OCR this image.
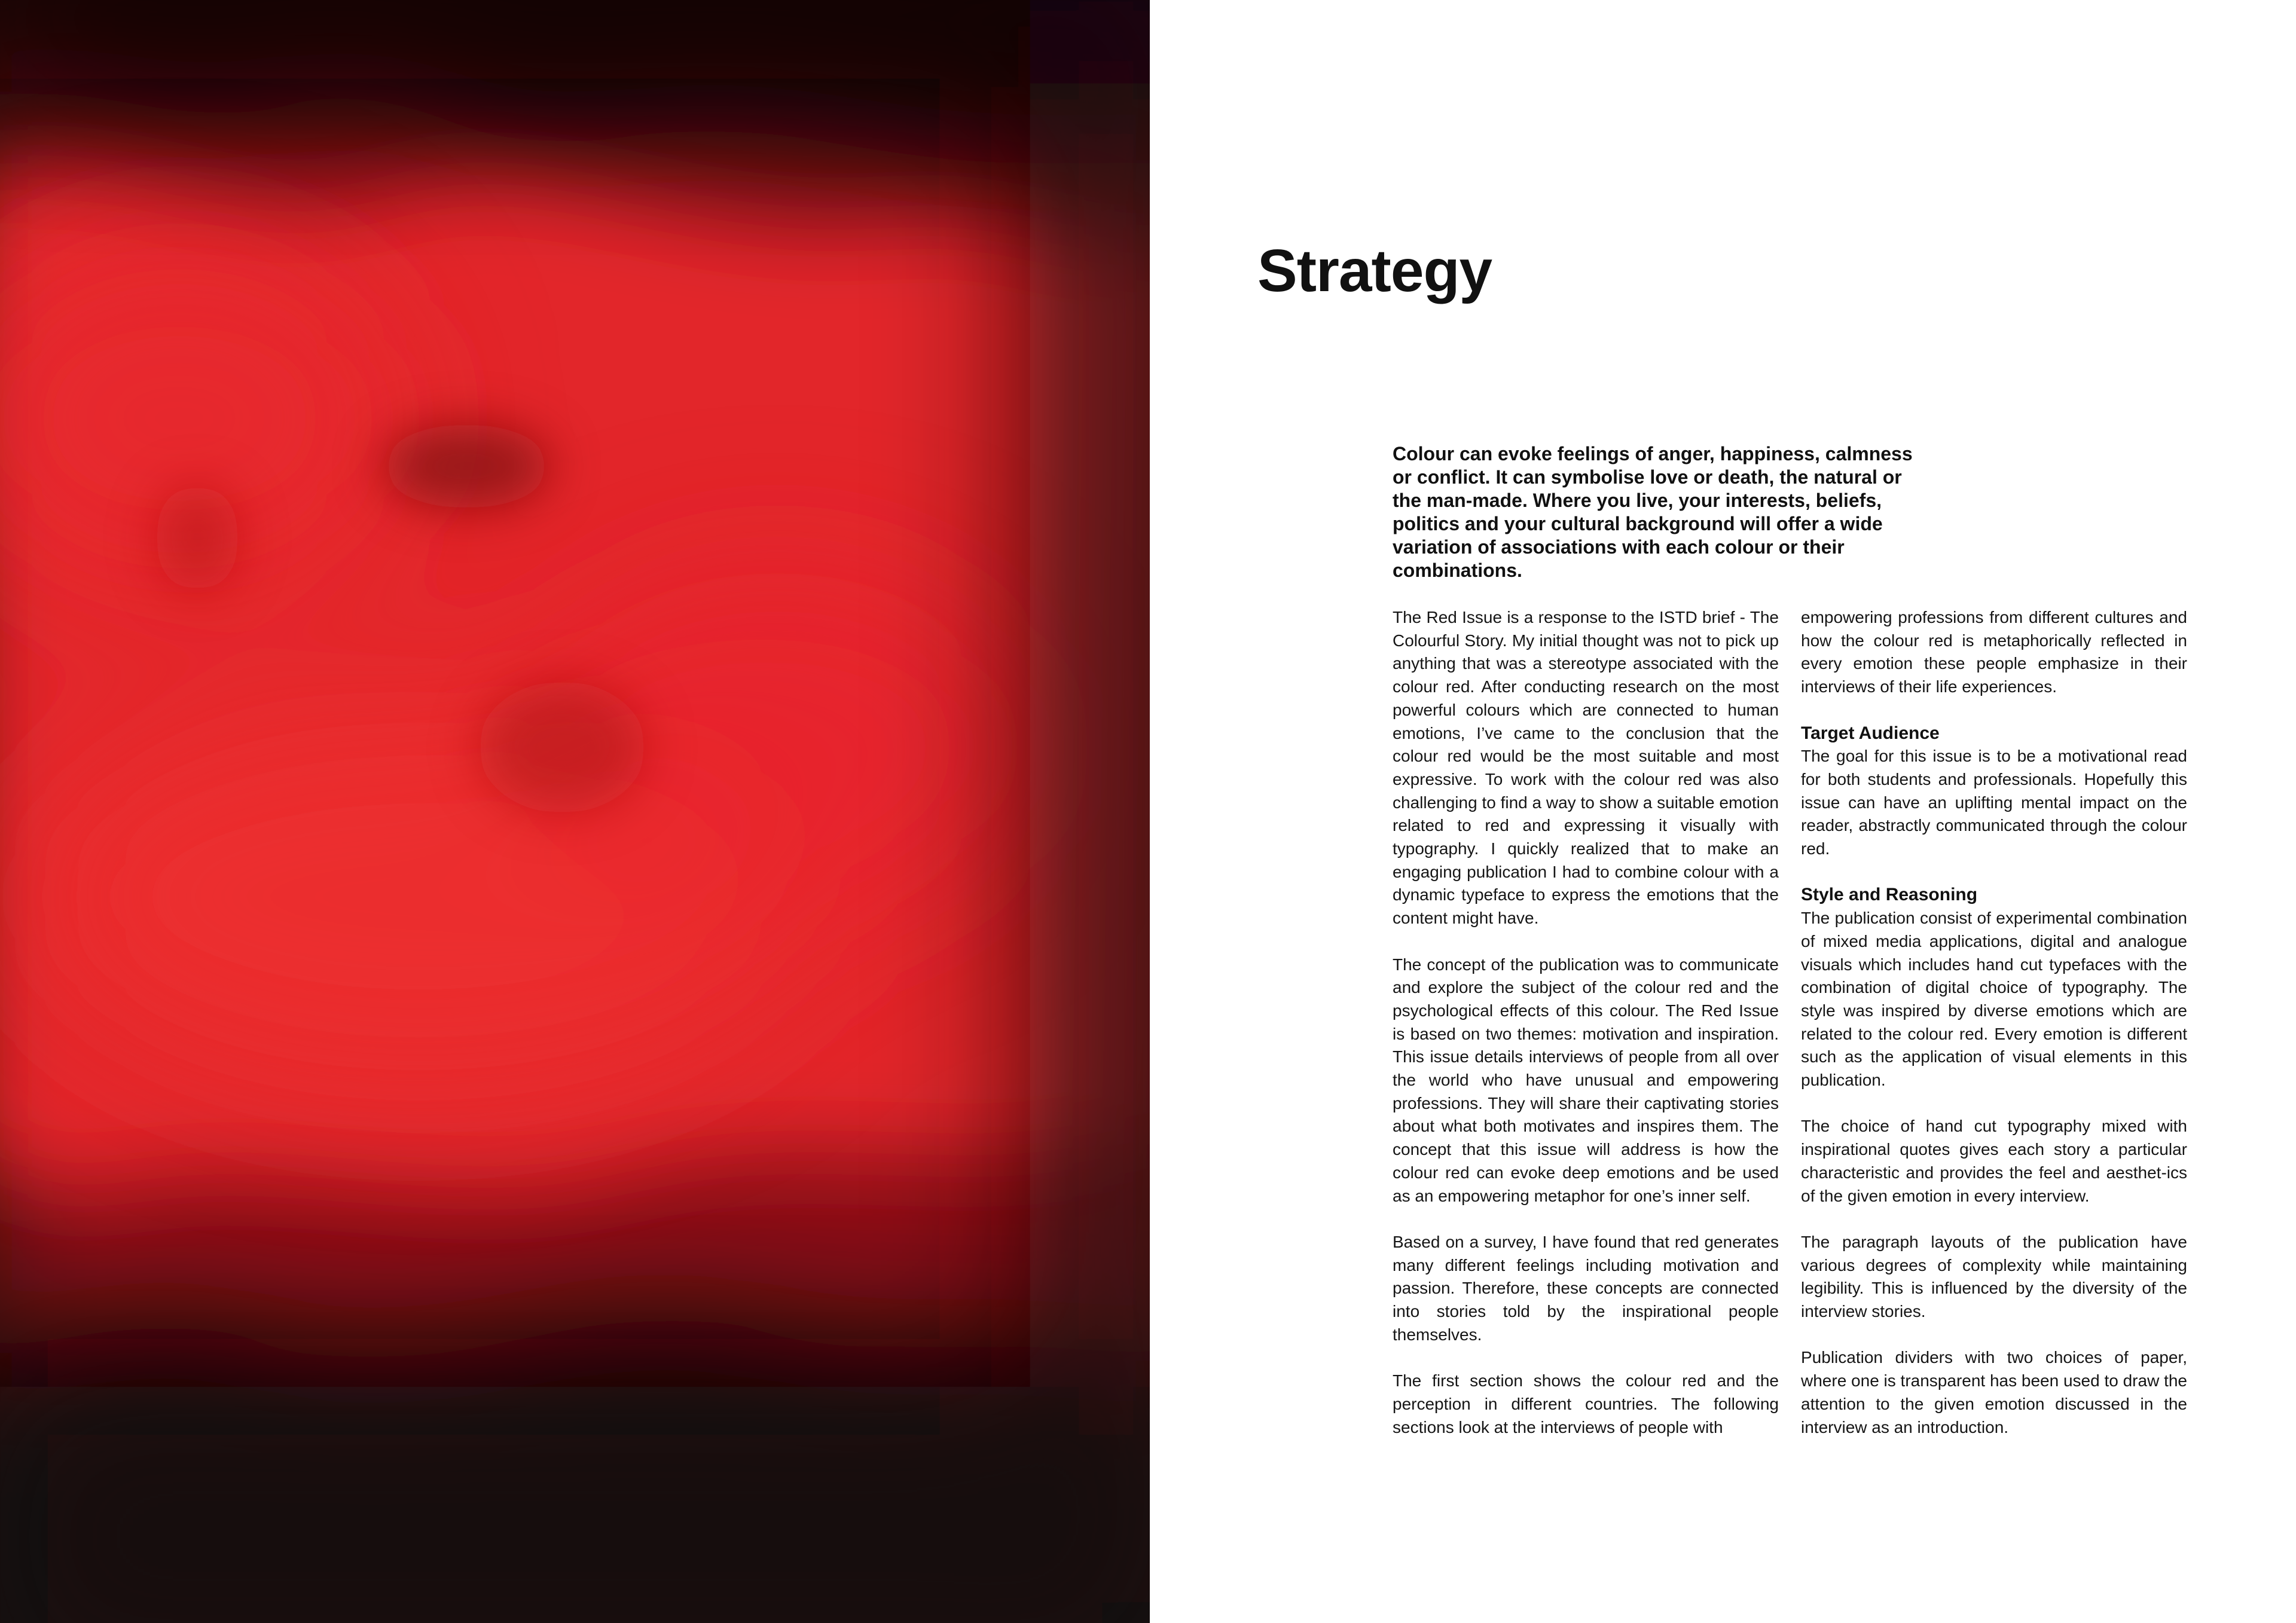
Strategy

Colour can evoke feelings of anger, happiness, calmness or conflict. It can symbolise love or death, the natural or the man-made. Where you live, your interests, beliefs, politics and your cultural background will offer a wide variation of associations with each colour or their combinations.

The Red Issue is a response to the ISTD brief - The Colourful Story. My initial thought was not to pick up anything that was a stereotype associated with the colour red. After conducting research on the most powerful colours which are connected to human emotions, I’ve came to the conclusion that the colour red would be the most suitable and most expressive. To work with the colour red was also challenging to find a way to show a suitable emotion related to red and expressing it visually with typography. I quickly realized that to make an engaging publication I had to combine colour with a dynamic typeface to express the emotions that the content might have.

The concept of the publication was to communicate and explore the subject of the colour red and the psychological effects of this colour. The Red Issue is based on two themes: motivation and inspiration. This issue details interviews of people from all over the world who have unusual and empowering professions. They will share their captivating stories about what both motivates and inspires them. The concept that this issue will address is how the colour red can evoke deep emotions and be used as an empowering metaphor for one’s inner self.

Based on a survey, I have found that red generates many different feelings including motivation and passion. Therefore, these concepts are connected into stories told by the inspirational people themselves.

The first section shows the colour red and the perception in different countries. The following sections look at the interviews of people with

empowering professions from different cultures and how the colour red is metaphorically reflected in every emotion these people emphasize in their interviews of their life experiences.

Target Audience

The goal for this issue is to be a motivational read for both students and professionals. Hopefully this issue can have an uplifting mental impact on the reader, abstractly communicated through the colour red.

Style and Reasoning

The publication consist of experimental combination of mixed media applications, digital and analogue visuals which includes hand cut typefaces with the combination of digital choice of typography. The style was inspired by diverse emotions which are related to the colour red. Every emotion is different such as the application of visual elements in this publication.

The choice of hand cut typography mixed with inspirational quotes gives each story a particular characteristic and provides the feel and aesthet-ics of the given emotion in every interview.

The paragraph layouts of the publication have various degrees of complexity while maintaining legibility. This is influenced by the diversity of the interview stories.

Publication dividers with two choices of paper, where one is transparent has been used to draw the attention to the given emotion discussed in the interview as an introduction.
